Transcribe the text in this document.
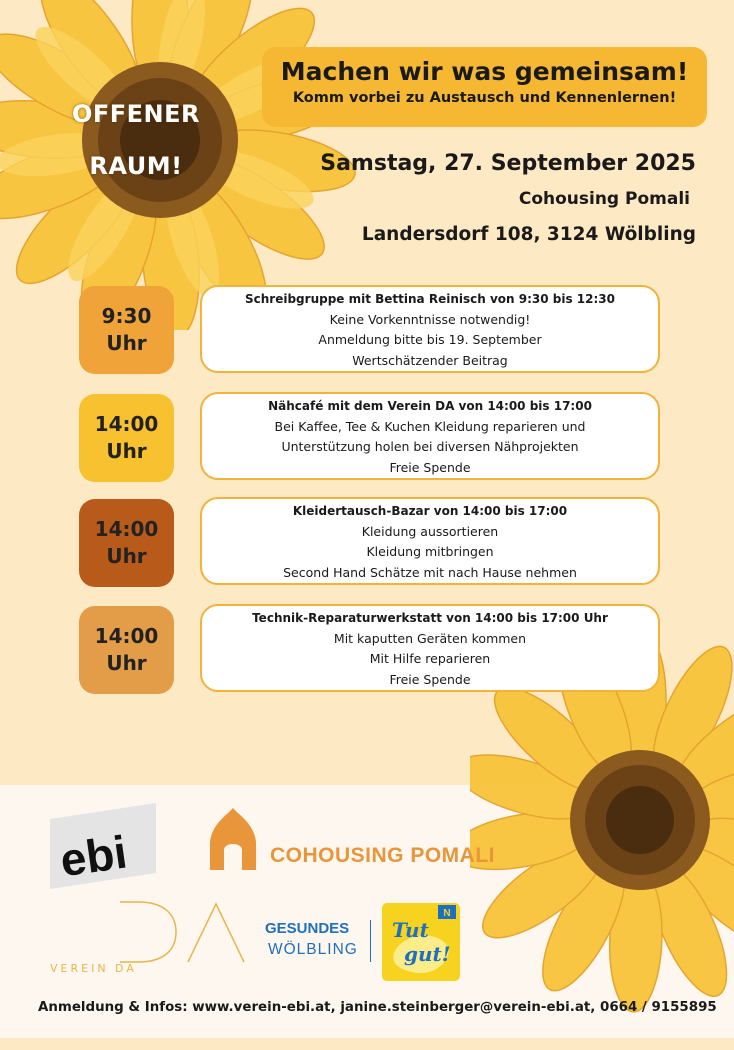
OFFENER
RAUM!
Machen wir was gemeinsam!
Komm vorbei zu Austausch und Kennenlernen!
Samstag, 27. September 2025
Cohousing Pomali
Landersdorf 108, 3124 Wölbling
9:30
Uhr
Schreibgruppe mit Bettina Reinisch von 9:30 bis 12:30
Keine Vorkenntnisse notwendig!
Anmeldung bitte bis 19. September
Wertschätzender Beitrag
14:00
Uhr
Nähcafé mit dem Verein DA von 14:00 bis 17:00
Bei Kaffee, Tee & Kuchen Kleidung reparieren und
Unterstützung holen bei diversen Nähprojekten
Freie Spende
14:00
Uhr
Kleidertausch-Bazar von 14:00 bis 17:00
Kleidung aussortieren
Kleidung mitbringen
Second Hand Schätze mit nach Hause nehmen
14:00
Uhr
Technik-Reparaturwerkstatt von 14:00 bis 17:00 Uhr
Mit kaputten Geräten kommen
Mit Hilfe reparieren
Freie Spende
ebi	COHOUSING POMALI
DA
VEREIN DA
GESUNDES
WÖLBLING
N
Tut
gut!
Anmeldung & Infos: www.verein-ebi.at, janine.steinberger@verein-ebi.at, 0664 / 9155895
